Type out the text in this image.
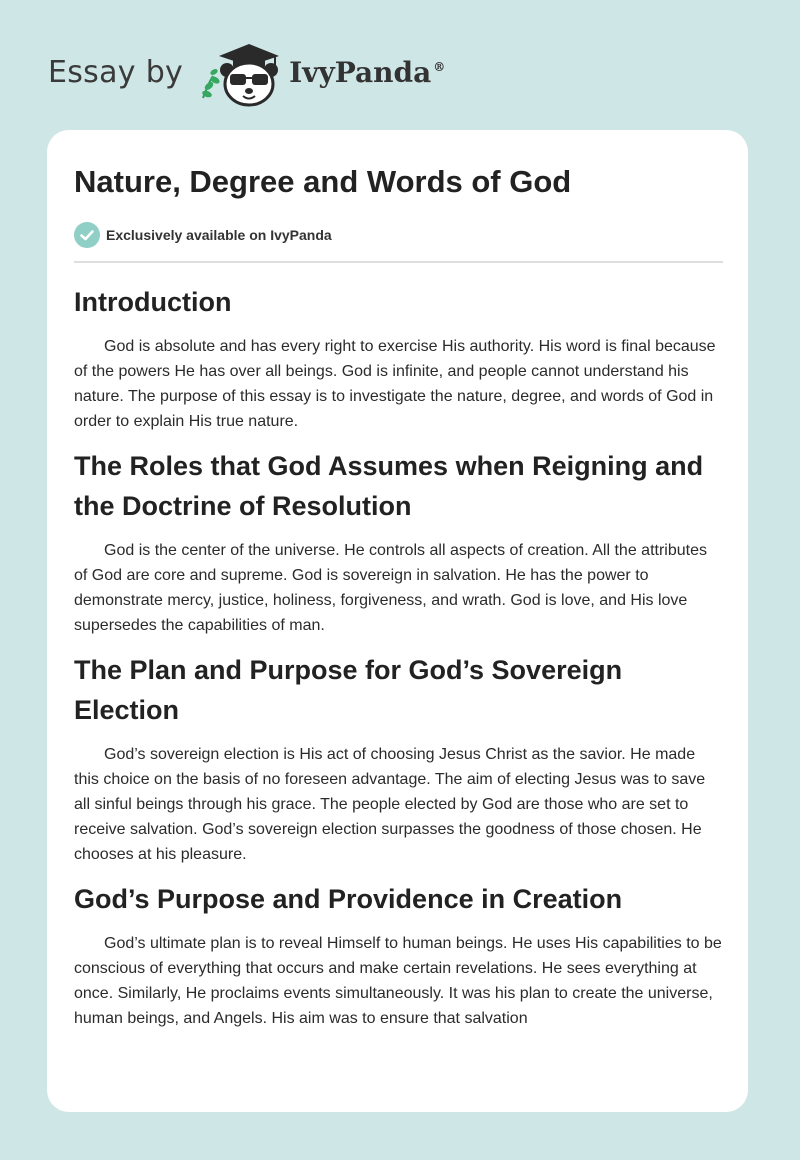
Essay by	IvyPanda ®
Nature, Degree and Words of God
Exclusively available on IvyPanda
Introduction

God is absolute and has every right to exercise His authority. His word is final because of the powers He has over all beings. God is infinite, and people cannot understand his nature. The purpose of this essay is to investigate the nature, degree, and words of God in order to explain His true nature.

The Roles that God Assumes when Reigning and the Doctrine of Resolution

God is the center of the universe. He controls all aspects of creation. All the attributes of God are core and supreme. God is sovereign in salvation. He has the power to demonstrate mercy, justice, holiness, forgiveness, and wrath. God is love, and His love supersedes the capabilities of man.

The Plan and Purpose for God’s Sovereign Election

God’s sovereign election is His act of choosing Jesus Christ as the savior. He made this choice on the basis of no foreseen advantage. The aim of electing Jesus was to save all sinful beings through his grace. The people elected by God are those who are set to receive salvation. God’s sovereign election surpasses the goodness of those chosen. He chooses at his pleasure.

God’s Purpose and Providence in Creation

God’s ultimate plan is to reveal Himself to human beings. He uses His capabilities to be conscious of everything that occurs and make certain revelations. He sees everything at once. Similarly, He proclaims events simultaneously. It was his plan to create the universe, human beings, and Angels. His aim was to ensure that salvation
